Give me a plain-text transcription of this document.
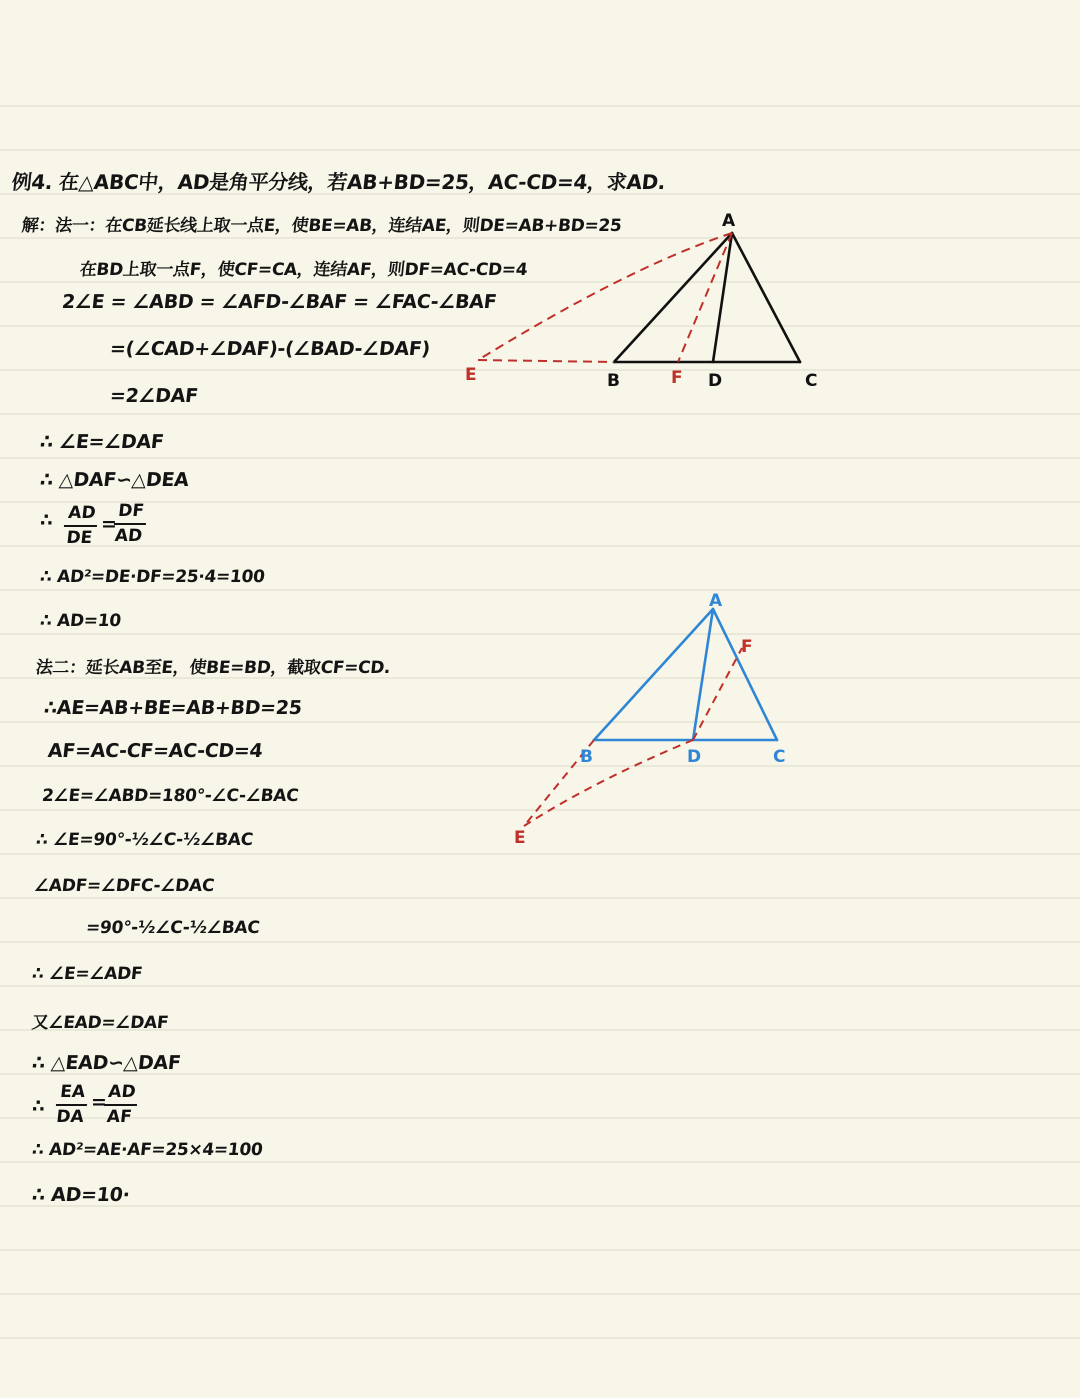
例4. 在△ABC中，AD是角平分线，若AB+BD=25，AC-CD=4，求AD.
解：法一：在CB延长线上取一点E，使BE=AB，连结AE，则DE=AB+BD=25
在BD上取一点F，使CF=CA，连结AF，则DF=AC-CD=4
2∠E = ∠ABD = ∠AFD-∠BAF = ∠FAC-∠BAF
=(∠CAD+∠DAF)-(∠BAD-∠DAF)
=2∠DAF
∴ ∠E=∠DAF
∴ △DAF∽△DEA
∴ $\frac{AD}{DE}$ =
$\frac{DF}{AD}$
∴ AD²=DE·DF=25·4=100
∴ AD=10
法二：延长AB至E，使BE=BD，截取CF=CD.
∴AE=AB+BE=AB+BD=25
AF=AC-CF=AC-CD=4
2∠E=∠ABD=180°-∠C-∠BAC
∴ ∠E=90°-½∠C-½∠BAC
∠ADF=∠DFC-∠DAC
=90°-½∠C-½∠BAC
∴ ∠E=∠ADF
又∠EAD=∠DAF
∴ △EAD∽△DAF
∴ $\frac{EA}{DA}$ =
$\frac{AD}{AF}$
∴ AD²=AE·AF=25×4=100
∴ AD=10·
A
B	D	C
E	F
A
B	D	C
F
E
